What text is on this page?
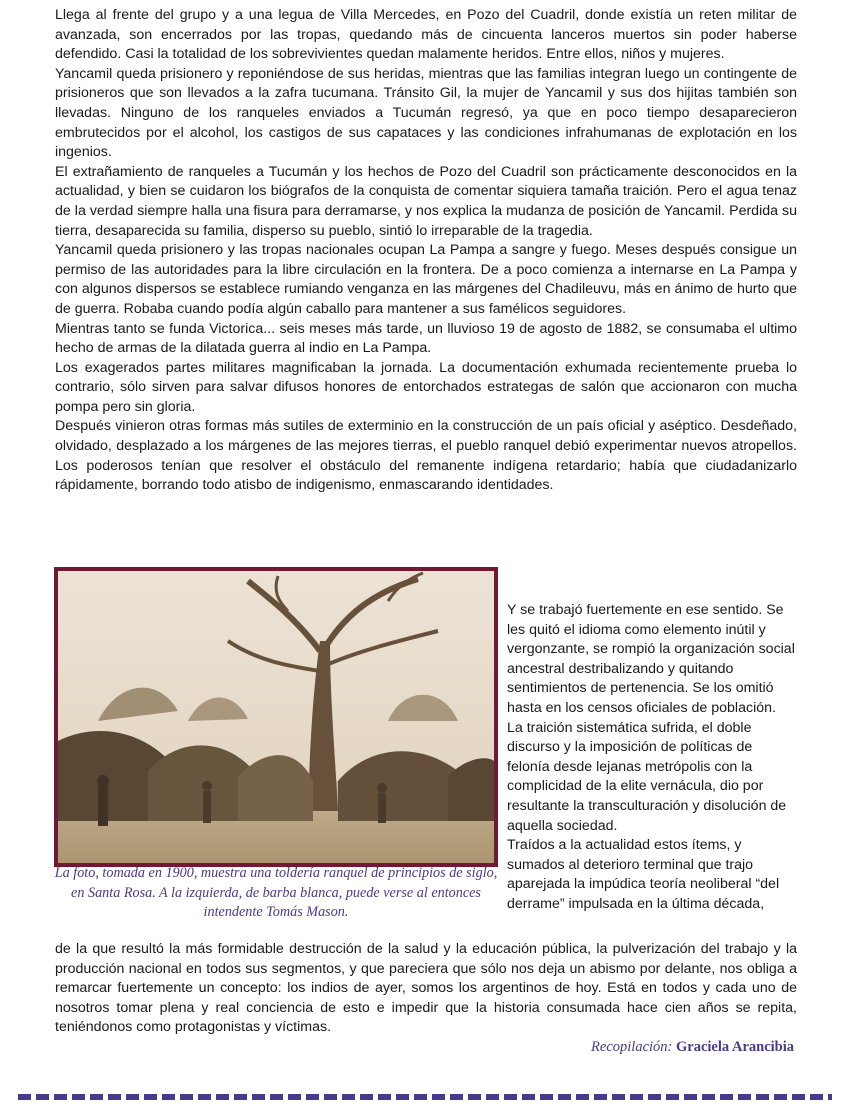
Llega al frente del grupo y a una legua de Villa Mercedes, en Pozo del Cuadril, donde existía un reten militar de avanzada, son encerrados por las tropas, quedando más de cincuenta lanceros muertos sin poder haberse defendido. Casi la totalidad de los sobrevivientes quedan malamente heridos. Entre ellos, niños y mujeres.

Yancamil queda prisionero y reponiéndose de sus heridas, mientras que las familias integran luego un contingente de prisioneros que son llevados a la zafra tucumana. Tránsito Gil, la mujer de Yancamil y sus dos hijitas también son llevadas. Ninguno de los ranqueles enviados a Tucumán regresó, ya que en poco tiempo desaparecieron embrutecidos por el alcohol, los castigos de sus capataces y las condiciones infrahumanas de explotación en los ingenios.

El extrañamiento de ranqueles a Tucumán y los hechos de Pozo del Cuadril son prácticamente desconocidos en la actualidad, y bien se cuidaron los biógrafos de la conquista de comentar siquiera tamaña traición. Pero el agua tenaz de la verdad siempre halla una fisura para derramarse, y nos explica la mudanza de posición de Yancamil. Perdida su tierra, desaparecida su familia, disperso su pueblo, sintió lo irreparable de la tragedia.

Yancamil queda prisionero y las tropas nacionales ocupan La Pampa a sangre y fuego. Meses después consigue un permiso de las autoridades para la libre circulación en la frontera. De a poco comienza a internarse en La Pampa y con algunos dispersos se establece rumiando venganza en las márgenes del Chadileuvu, más en ánimo de hurto que de guerra. Robaba cuando podía algún caballo para mantener a sus famélicos seguidores.

Mientras tanto se funda Victorica... seis meses más tarde, un lluvioso 19 de agosto de 1882, se consumaba el ultimo hecho de armas de la dilatada guerra al indio en La Pampa.

Los exagerados partes militares magnificaban la jornada. La documentación exhumada recientemente prueba lo contrario, sólo sirven para salvar difusos honores de entorchados estrategas de salón que accionaron con mucha pompa pero sin gloria.

Después vinieron otras formas más sutiles de exterminio en la construcción de un país oficial y aséptico. Desdeñado, olvidado, desplazado a los márgenes de las mejores tierras, el pueblo ranquel debió experimentar nuevos atropellos. Los poderosos tenían que resolver el obstáculo del remanente indígena retardario; había que ciudadanizarlo rápidamente, borrando todo atisbo de indigenismo, enmascarando identidades.

La foto, tomada en 1900, muestra una toldería ranquel de principios de siglo, en Santa Rosa. A la izquierda, de barba blanca, puede verse al entonces intendente Tomás Mason.

Y se trabajó fuertemente en ese sentido. Se les quitó el idioma como elemento inútil y vergonzante, se rompió la organización social ancestral destribalizando y quitando sentimientos de pertenencia. Se los omitió hasta en los censos oficiales de población.

La traición sistemática sufrida, el doble discurso y la imposición de políticas de felonía desde lejanas metrópolis con la complicidad de la elite vernácula, dio por resultante la transculturación y disolución de aquella sociedad.

Traídos a la actualidad estos ítems, y sumados al deterioro terminal que trajo aparejada la impúdica teoría neoliberal “del derrame” impulsada en la última década,

de la que resultó la más formidable destrucción de la salud y la educación pública, la pulverización del trabajo y la producción nacional en todos sus segmentos, y que pareciera que sólo nos deja un abismo por delante, nos obliga a remarcar fuertemente un concepto: los indios de ayer, somos los argentinos de hoy. Está en todos y cada uno de nosotros tomar plena y real conciencia de esto e impedir que la historia consumada hace cien años se repita, teniéndonos como protagonistas y víctimas.

Recopilación: Graciela Arancibia
